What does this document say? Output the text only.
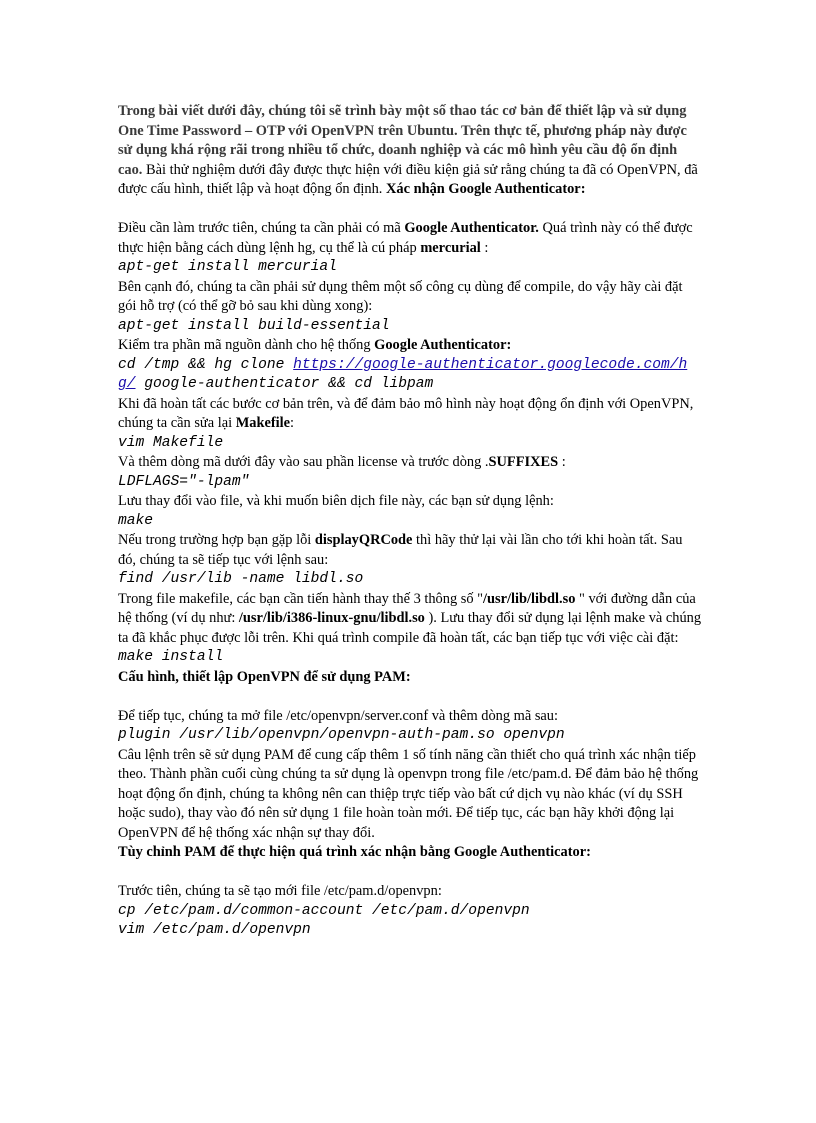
Trong bài viết dưới đây, chúng tôi sẽ trình bày một số thao tác cơ bản để thiết lập và sử dụng One Time Password – OTP với OpenVPN trên Ubuntu. Trên thực tế, phương pháp này được sử dụng khá rộng rãi trong nhiều tổ chức, doanh nghiệp và các mô hình yêu cầu độ ổn định cao. Bài thử nghiệm dưới đây được thực hiện với điều kiện giả sử rằng chúng ta đã có OpenVPN, đã được cấu hình, thiết lập và hoạt động ổn định. Xác nhận Google Authenticator:

Điều cần làm trước tiên, chúng ta cần phải có mã Google Authenticator. Quá trình này có thể được thực hiện bằng cách dùng lệnh hg, cụ thể là cú pháp mercurial :

apt-get install mercurial

Bên cạnh đó, chúng ta cần phải sử dụng thêm một số công cụ dùng để compile, do vậy hãy cài đặt gói hỗ trợ (có thể gỡ bỏ sau khi dùng xong):

apt-get install build-essential

Kiểm tra phần mã nguồn dành cho hệ thống Google Authenticator:

cd /tmp && hg clone https://google-authenticator.googlecode.com/hg/ google-authenticator && cd libpam

Khi đã hoàn tất các bước cơ bản trên, và để đảm bảo mô hình này hoạt động ổn định với OpenVPN, chúng ta cần sửa lại Makefile:

vim Makefile

Và thêm dòng mã dưới đây vào sau phần license và trước dòng .SUFFIXES :

LDFLAGS="-lpam"

Lưu thay đổi vào file, và khi muốn biên dịch file này, các bạn sử dụng lệnh:

make

Nếu trong trường hợp bạn gặp lỗi displayQRCode thì hãy thử lại vài lần cho tới khi hoàn tất. Sau đó, chúng ta sẽ tiếp tục với lệnh sau:

find /usr/lib -name libdl.so

Trong file makefile, các bạn cần tiến hành thay thế 3 thông số "/usr/lib/libdl.so " với đường dẫn của hệ thống (ví dụ như: /usr/lib/i386-linux-gnu/libdl.so ). Lưu thay đổi sử dụng lại lệnh make và chúng ta đã khắc phục được lỗi trên. Khi quá trình compile đã hoàn tất, các bạn tiếp tục với việc cài đặt:

make install

Cấu hình, thiết lập OpenVPN để sử dụng PAM:

Để tiếp tục, chúng ta mở file /etc/openvpn/server.conf và thêm dòng mã sau:

plugin /usr/lib/openvpn/openvpn-auth-pam.so openvpn

Câu lệnh trên sẽ sử dụng PAM để cung cấp thêm 1 số tính năng cần thiết cho quá trình xác nhận tiếp theo. Thành phần cuối cùng chúng ta sử dụng là openvpn trong file /etc/pam.d. Để đảm bảo hệ thống hoạt động ổn định, chúng ta không nên can thiệp trực tiếp vào bất cứ dịch vụ nào khác (ví dụ SSH hoặc sudo), thay vào đó nên sử dụng 1 file hoàn toàn mới. Để tiếp tục, các bạn hãy khởi động lại OpenVPN để hệ thống xác nhận sự thay đổi.

Tùy chỉnh PAM để thực hiện quá trình xác nhận bằng Google Authenticator:

Trước tiên, chúng ta sẽ tạo mới file /etc/pam.d/openvpn:

cp /etc/pam.d/common-account /etc/pam.d/openvpn
vim /etc/pam.d/openvpn
